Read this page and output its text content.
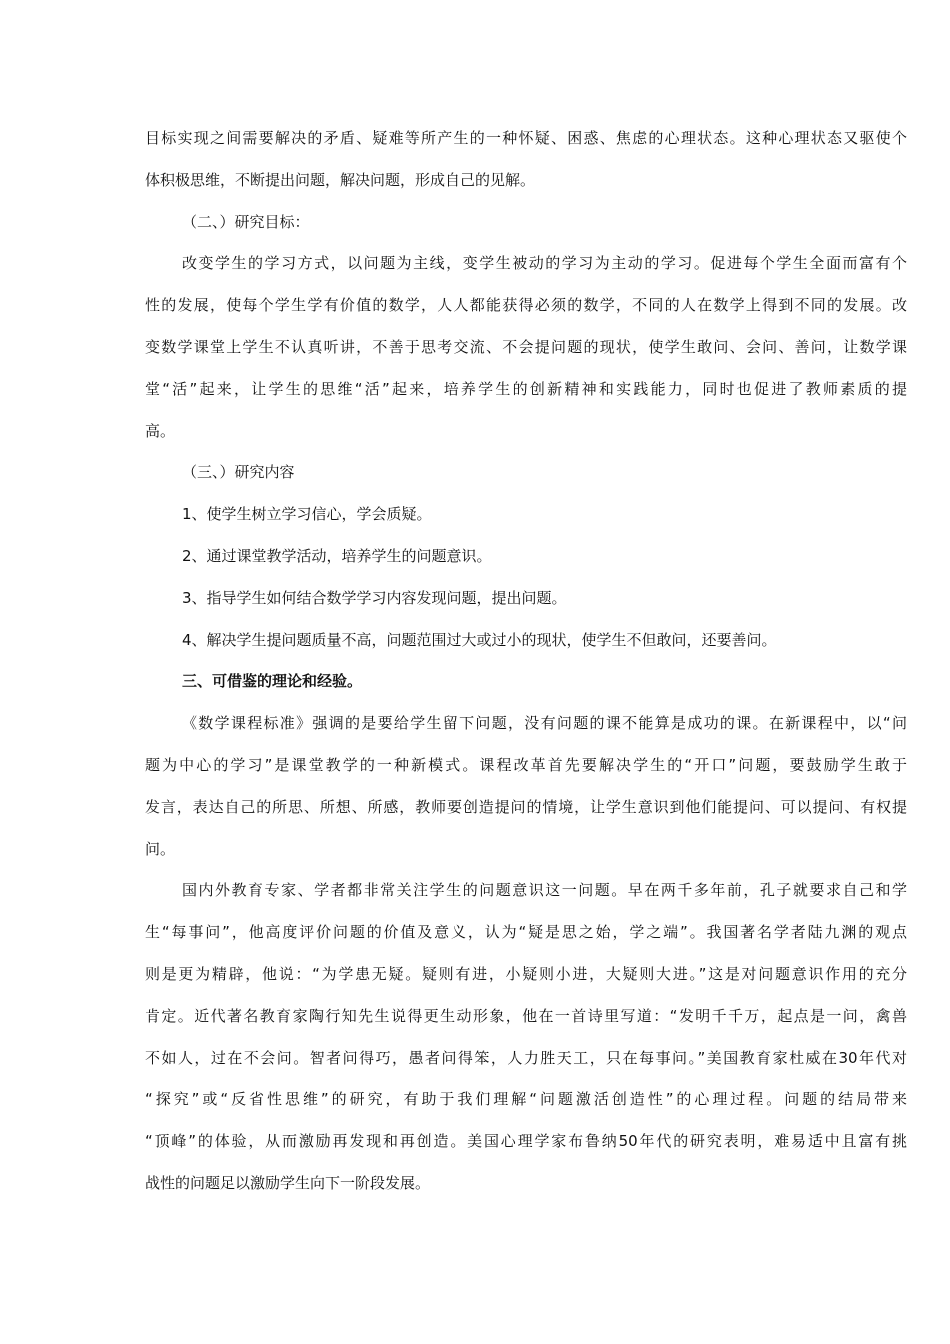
目标实现之间需要解决的矛盾、疑难等所产生的一种怀疑、困惑、焦虑的心理状态。这种心理状态又驱使个
体积极思维，不断提出问题，解决问题，形成自己的见解。
（二、）研究目标：
改变学生的学习方式，以问题为主线，变学生被动的学习为主动的学习。促进每个学生全面而富有个
性的发展，使每个学生学有价值的数学，人人都能获得必须的数学，不同的人在数学上得到不同的发展。改
变数学课堂上学生不认真听讲，不善于思考交流、不会提问题的现状，使学生敢问、会问、善问，让数学课
堂“活”起来，让学生的思维“活”起来，培养学生的创新精神和实践能力，同时也促进了教师素质的提
高。
（三、）研究内容
1、使学生树立学习信心，学会质疑。
2、通过课堂教学活动，培养学生的问题意识。
3、指导学生如何结合数学学习内容发现问题，提出问题。
4、解决学生提问题质量不高，问题范围过大或过小的现状，使学生不但敢问，还要善问。
三、可借鉴的理论和经验。
《数学课程标准》强调的是要给学生留下问题，没有问题的课不能算是成功的课。在新课程中，以“问
题为中心的学习”是课堂教学的一种新模式。课程改革首先要解决学生的“开口”问题，要鼓励学生敢于
发言，表达自己的所思、所想、所感，教师要创造提问的情境，让学生意识到他们能提问、可以提问、有权提
问。
国内外教育专家、学者都非常关注学生的问题意识这一问题。早在两千多年前，孔子就要求自己和学
生“每事问”，他高度评价问题的价值及意义，认为“疑是思之始，学之端”。我国著名学者陆九渊的观点
则是更为精辟，他说：“为学患无疑。疑则有进，小疑则小进，大疑则大进。”这是对问题意识作用的充分
肯定。近代著名教育家陶行知先生说得更生动形象，他在一首诗里写道：“发明千千万，起点是一问，禽兽
不如人，过在不会问。智者问得巧，愚者问得笨，人力胜天工，只在每事问。”美国教育家杜威在30年代对
“探究”或“反省性思维”的研究，有助于我们理解“问题激活创造性”的心理过程。问题的结局带来
“顶峰”的体验，从而激励再发现和再创造。美国心理学家布鲁纳50年代的研究表明，难易适中且富有挑
战性的问题足以激励学生向下一阶段发展。
